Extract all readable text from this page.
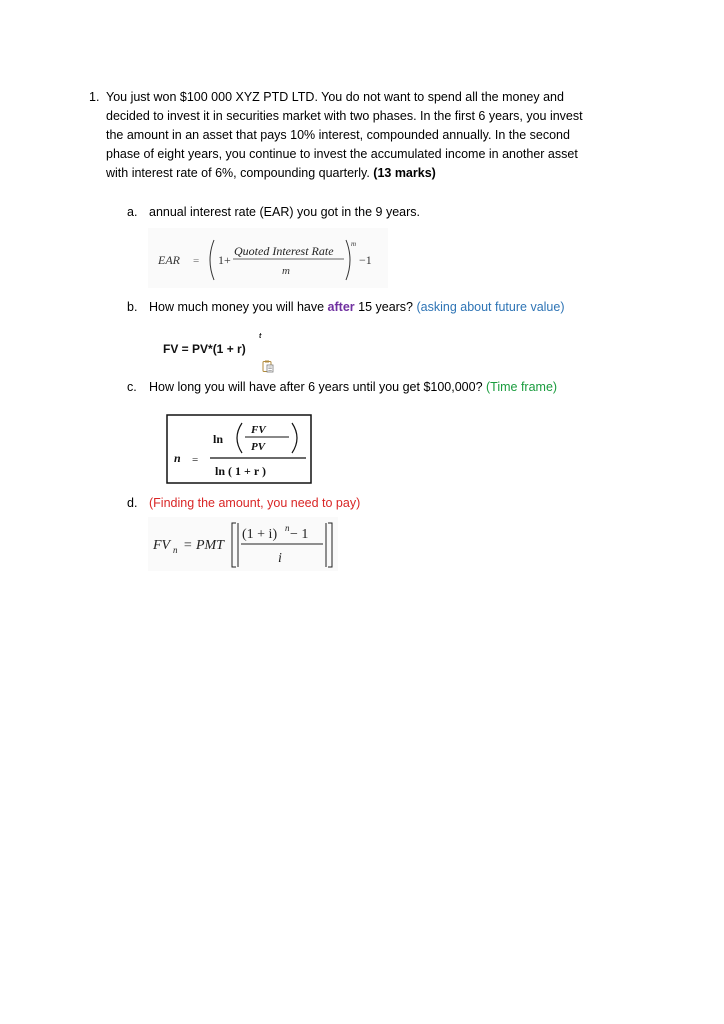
1. You just won $100 000 XYZ PTD LTD. You do not want to spend all the money and
decided to invest it in securities market with two phases. In the first 6 years, you invest
the amount in an asset that pays 10% interest, compounded annually. In the second
phase of eight years, you continue to invest the accumulated income in another asset
with interest rate of 6%, compounding quarterly. (13 marks)
a. annual interest rate (EAR) you got in the 9 years.
EAR = 1+
Quoted Interest Rate
m
m
−1
b. How much money you will have after 15 years? (asking about future value)
FV = PV*(1 + r)
t
c. How long you will have after 6 years until you get $100,000? (Time frame)
n =
ln
FV
PV
ln ( 1 + r )
d. (Finding the amount, you need to pay)
FV n = PMT
(1 + i) n − 1
i
